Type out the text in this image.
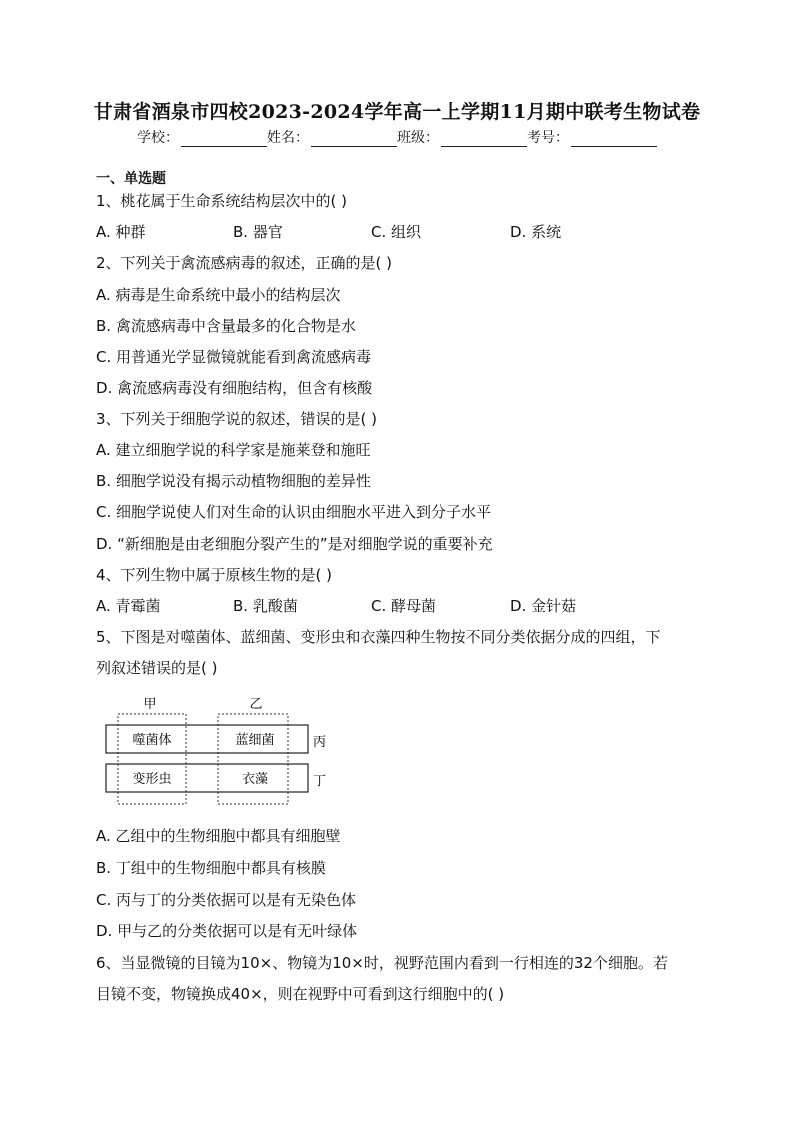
甘肃省酒泉市四校2023-2024学年高一上学期11月期中联考生物试卷
学校：	姓名：	班级：	考号：
一、单选题
1、桃花属于生命系统结构层次中的( )
A. 种群	B. 器官	C. 组织	D. 系统
2、下列关于禽流感病毒的叙述，正确的是( )
A. 病毒是生命系统中最小的结构层次
B. 禽流感病毒中含量最多的化合物是水
C. 用普通光学显微镜就能看到禽流感病毒
D. 禽流感病毒没有细胞结构，但含有核酸
3、下列关于细胞学说的叙述，错误的是( )
A. 建立细胞学说的科学家是施莱登和施旺
B. 细胞学说没有揭示动植物细胞的差异性
C. 细胞学说使人们对生命的认识由细胞水平进入到分子水平
D. “新细胞是由老细胞分裂产生的”是对细胞学说的重要补充
4、下列生物中属于原核生物的是( )
A. 青霉菌	B. 乳酸菌	C. 酵母菌	D. 金针菇
5、下图是对噬菌体、蓝细菌、变形虫和衣藻四种生物按不同分类依据分成的四组，下
列叙述错误的是( )
甲	乙
丙
丁
噬菌体	蓝细菌
变形虫	衣藻
A. 乙组中的生物细胞中都具有细胞壁
B. 丁组中的生物细胞中都具有核膜
C. 丙与丁的分类依据可以是有无染色体
D. 甲与乙的分类依据可以是有无叶绿体
6、当显微镜的目镜为10×、物镜为10×时，视野范围内看到一行相连的32个细胞。若
目镜不变，物镜换成40×，则在视野中可看到这行细胞中的( )
